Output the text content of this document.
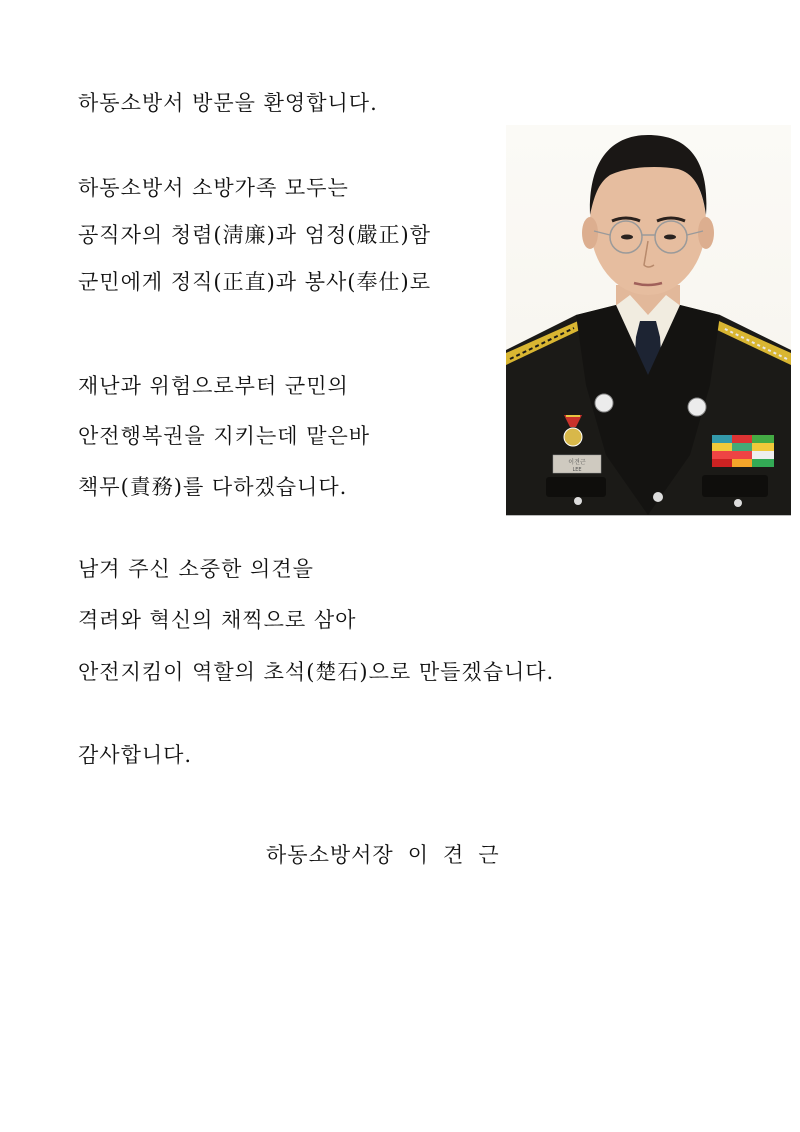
하동소방서 방문을 환영합니다.
하동소방서 소방가족 모두는
공직자의 청렴(淸廉)과 엄정(嚴正)함
군민에게 정직(正直)과 봉사(奉仕)로
재난과 위험으로부터 군민의
안전행복권을 지키는데 맡은바
책무(責務)를 다하겠습니다.
남겨 주신 소중한 의견을
격려와 혁신의 채찍으로 삼아
안전지킴이 역할의 초석(楚石)으로 만들겠습니다.
감사합니다.
하동소방서장 이 견 근
이견근
LEE
